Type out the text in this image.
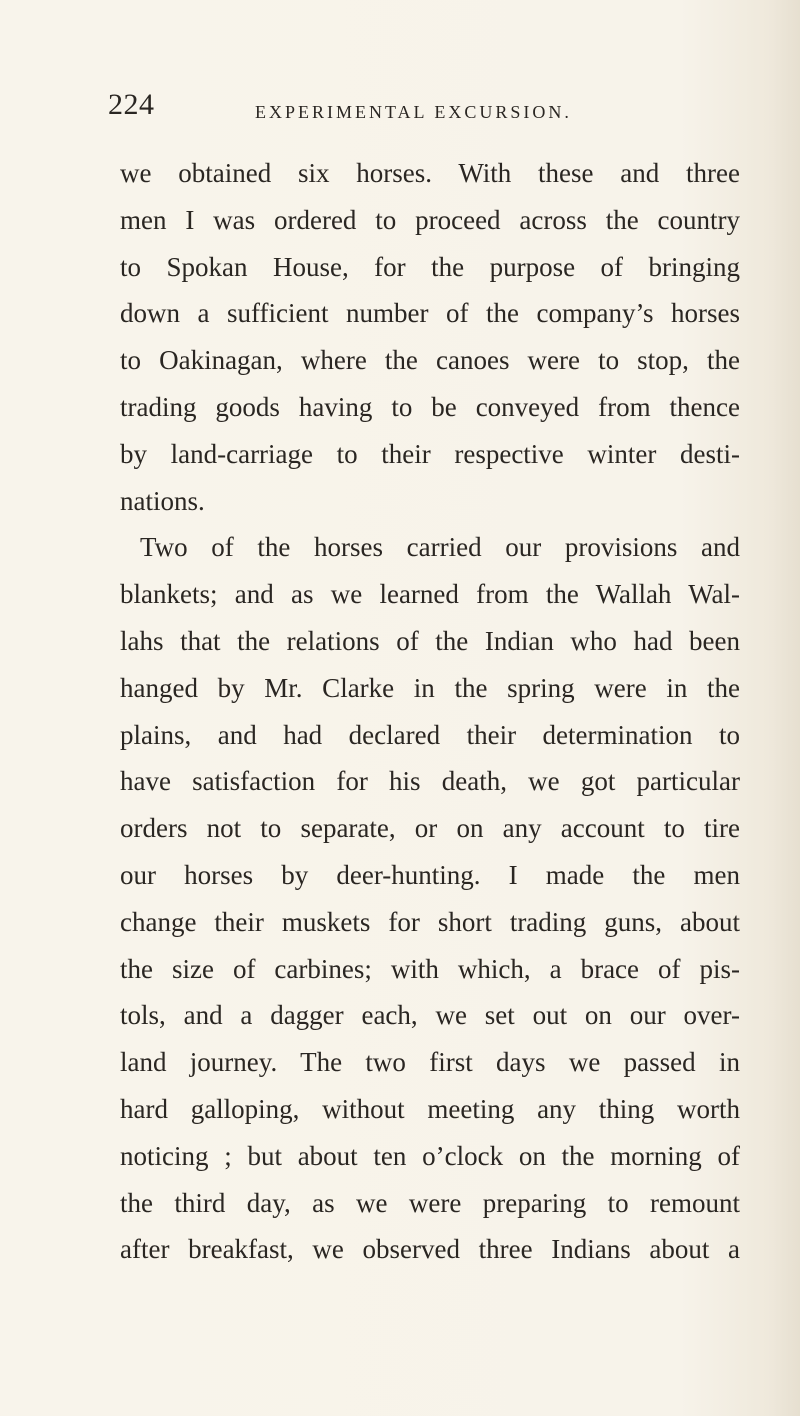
224	EXPERIMENTAL EXCURSION.
we obtained six horses. With these and three
men I was ordered to proceed across the country
to Spokan House, for the purpose of bringing
down a sufficient number of the company’s horses
to Oakinagan, where the canoes were to stop, the
trading goods having to be conveyed from thence
by land-carriage to their respective winter desti-
nations.
Two of the horses carried our provisions and
blankets; and as we learned from the Wallah Wal-
lahs that the relations of the Indian who had been
hanged by Mr. Clarke in the spring were in the
plains, and had declared their determination to
have satisfaction for his death, we got particular
orders not to separate, or on any account to tire
our horses by deer-hunting. I made the men
change their muskets for short trading guns, about
the size of carbines; with which, a brace of pis-
tols, and a dagger each, we set out on our over-
land journey. The two first days we passed in
hard galloping, without meeting any thing worth
noticing ; but about ten o’clock on the morning of
the third day, as we were preparing to remount
after breakfast, we observed three Indians about a
